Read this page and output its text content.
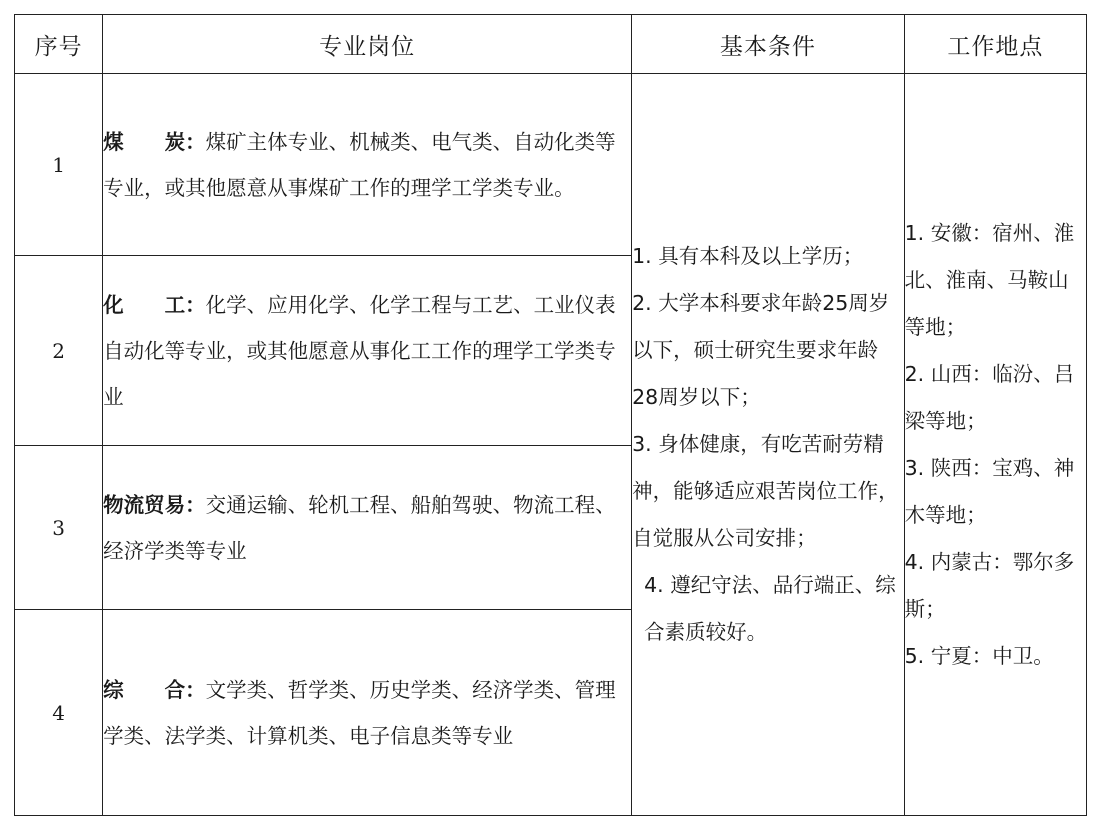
序号	专业岗位	基本条件	工作地点
1	煤　　炭：煤矿主体专业、机械类、电气类、自动化类等专业，或其他愿意从事煤矿工作的理学工学类专业。	1. 具有本科及以上学历；
2. 大学本科要求年龄25周岁以下，硕士研究生要求年龄28周岁以下；
3. 身体健康，有吃苦耐劳精神，能够适应艰苦岗位工作，自觉服从公司安排；
4. 遵纪守法、品行端正、综合素质较好。	1. 安徽：宿州、淮北、淮南、马鞍山等地；
2. 山西：临汾、吕梁等地；
3. 陕西：宝鸡、神木等地；
4. 内蒙古：鄂尔多斯；
5. 宁夏：中卫。

2	化　　工：化学、应用化学、化学工程与工艺、工业仪表自动化等专业，或其他愿意从事化工工作的理学工学类专业		
3	物流贸易：交通运输、轮机工程、船舶驾驶、物流工程、经济学类等专业		
4	综　　合：文学类、哲学类、历史学类、经济学类、管理学类、法学类、计算机类、电子信息类等专业		
